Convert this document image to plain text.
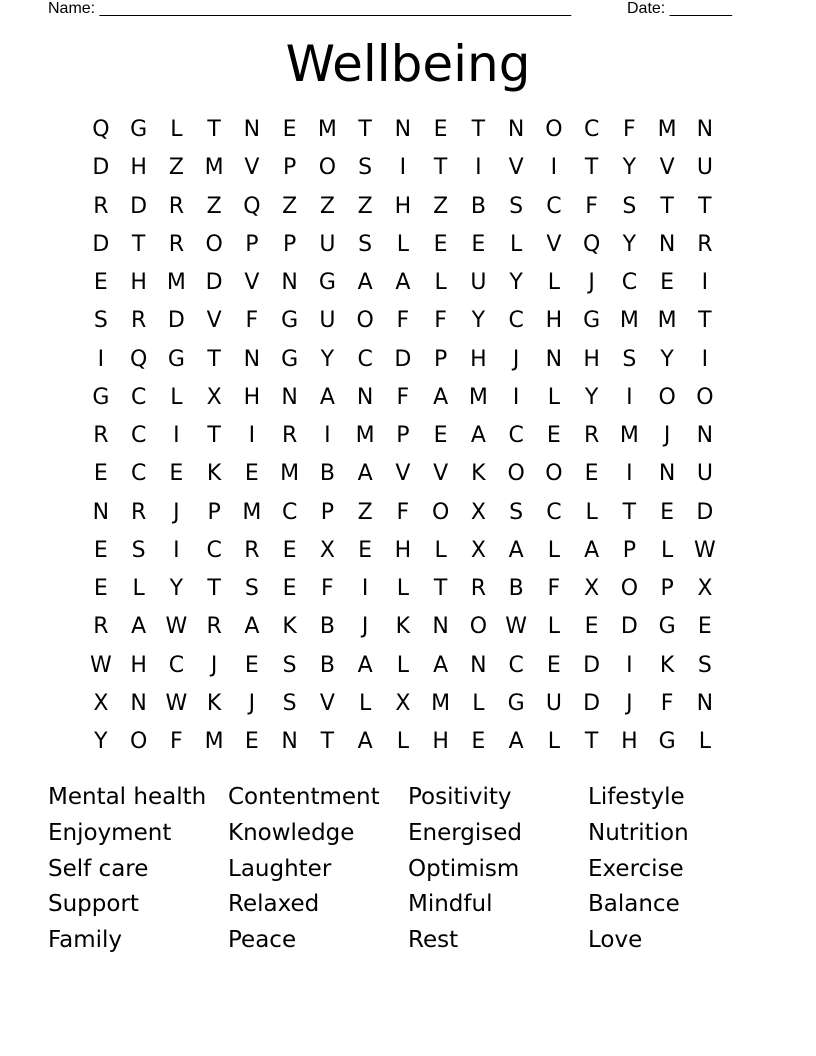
Name: _____________________________________________________	Date: _______
Wellbeing
Q G	L	T	N	E M T	N	E	T	N O C	F M N
D H Z M V	P	O	S	I	T	I	V	I	T	Y	V	U
R D R	Z Q Z	Z	Z H Z	B	S	C	F	S	T	T
D	T	R O	P	P	U	S	L	E	E	L	V Q	Y	N R
E	H M D V N G A	A	L	U	Y	L	J	C	E	I
S	R D V	F	G U O	F	F	Y	C H G M M T
I	Q G	T	N G	Y	C D	P	H	J	N H	S	Y	I
G C	L	X H N A N	F	A M	I	L	Y	I	O O
R	C	I	T	I	R	I	M P	E	A	C	E	R M	J	N
E	C	E	K	E M B	A	V	V	K O O	E	I	N U
N R	J	P M C	P	Z	F	O X	S	C	L	T	E	D
E	S	I	C	R	E	X	E	H	L	X	A	L	A	P	L W
E	L	Y	T	S	E	F	I	L	T	R	B	F	X O	P	X
R	A W R	A	K	B	J	K	N O W L	E	D G	E
W H C	J	E	S	B	A	L	A N C	E	D	I	K	S
X N W K	J	S	V	L	X M	L	G U D	J	F	N
Y	O	F M E	N	T	A	L	H	E	A	L	T	H G	L
Mental health Contentment	Positivity	Lifestyle
Enjoyment	Knowledge	Energised	Nutrition
Self care	Laughter	Optimism	Exercise
Support	Relaxed	Mindful	Balance
Family	Peace	Rest	Love
